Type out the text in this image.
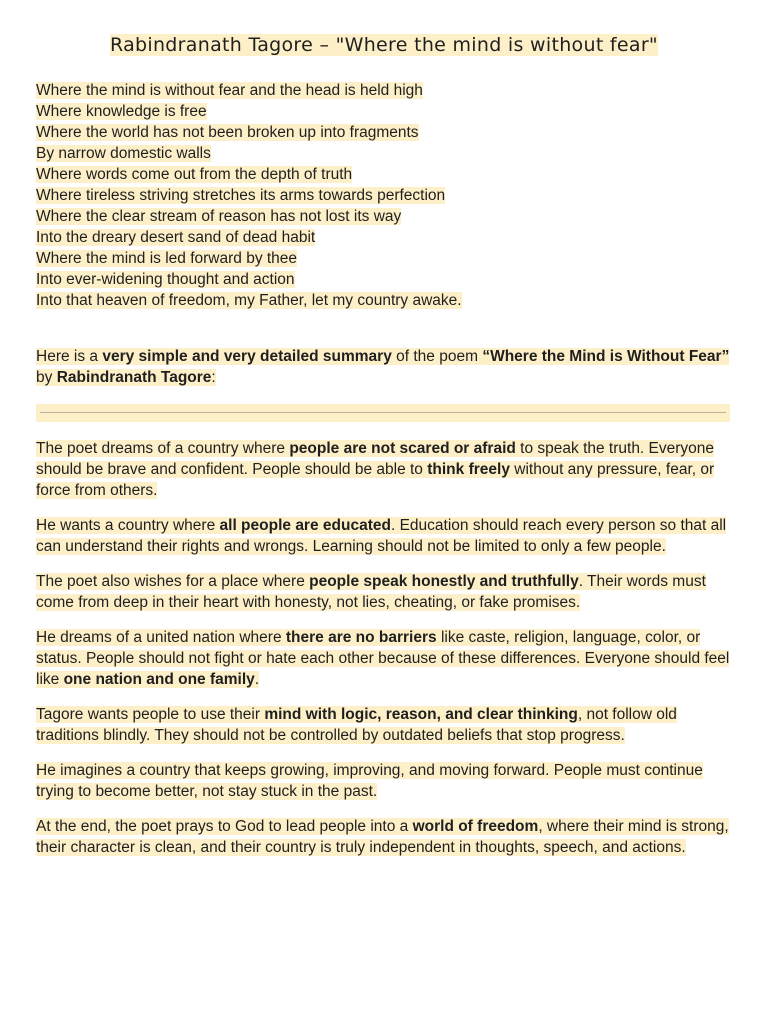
Rabindranath Tagore – "Where the mind is without fear"
Where the mind is without fear and the head is held high
Where knowledge is free
Where the world has not been broken up into fragments
By narrow domestic walls
Where words come out from the depth of truth
Where tireless striving stretches its arms towards perfection
Where the clear stream of reason has not lost its way
Into the dreary desert sand of dead habit
Where the mind is led forward by thee
Into ever-widening thought and action
Into that heaven of freedom, my Father, let my country awake.
Here is a very simple and very detailed summary of the poem “Where the Mind is Without Fear” by Rabindranath Tagore:

The poet dreams of a country where people are not scared or afraid to speak the truth. Everyone should be brave and confident. People should be able to think freely without any pressure, fear, or force from others.

He wants a country where all people are educated. Education should reach every person so that all can understand their rights and wrongs. Learning should not be limited to only a few people.

The poet also wishes for a place where people speak honestly and truthfully. Their words must come from deep in their heart with honesty, not lies, cheating, or fake promises.

He dreams of a united nation where there are no barriers like caste, religion, language, color, or status. People should not fight or hate each other because of these differences. Everyone should feel like one nation and one family.

Tagore wants people to use their mind with logic, reason, and clear thinking, not follow old traditions blindly. They should not be controlled by outdated beliefs that stop progress.

He imagines a country that keeps growing, improving, and moving forward. People must continue trying to become better, not stay stuck in the past.

At the end, the poet prays to God to lead people into a world of freedom, where their mind is strong, their character is clean, and their country is truly independent in thoughts, speech, and actions.
